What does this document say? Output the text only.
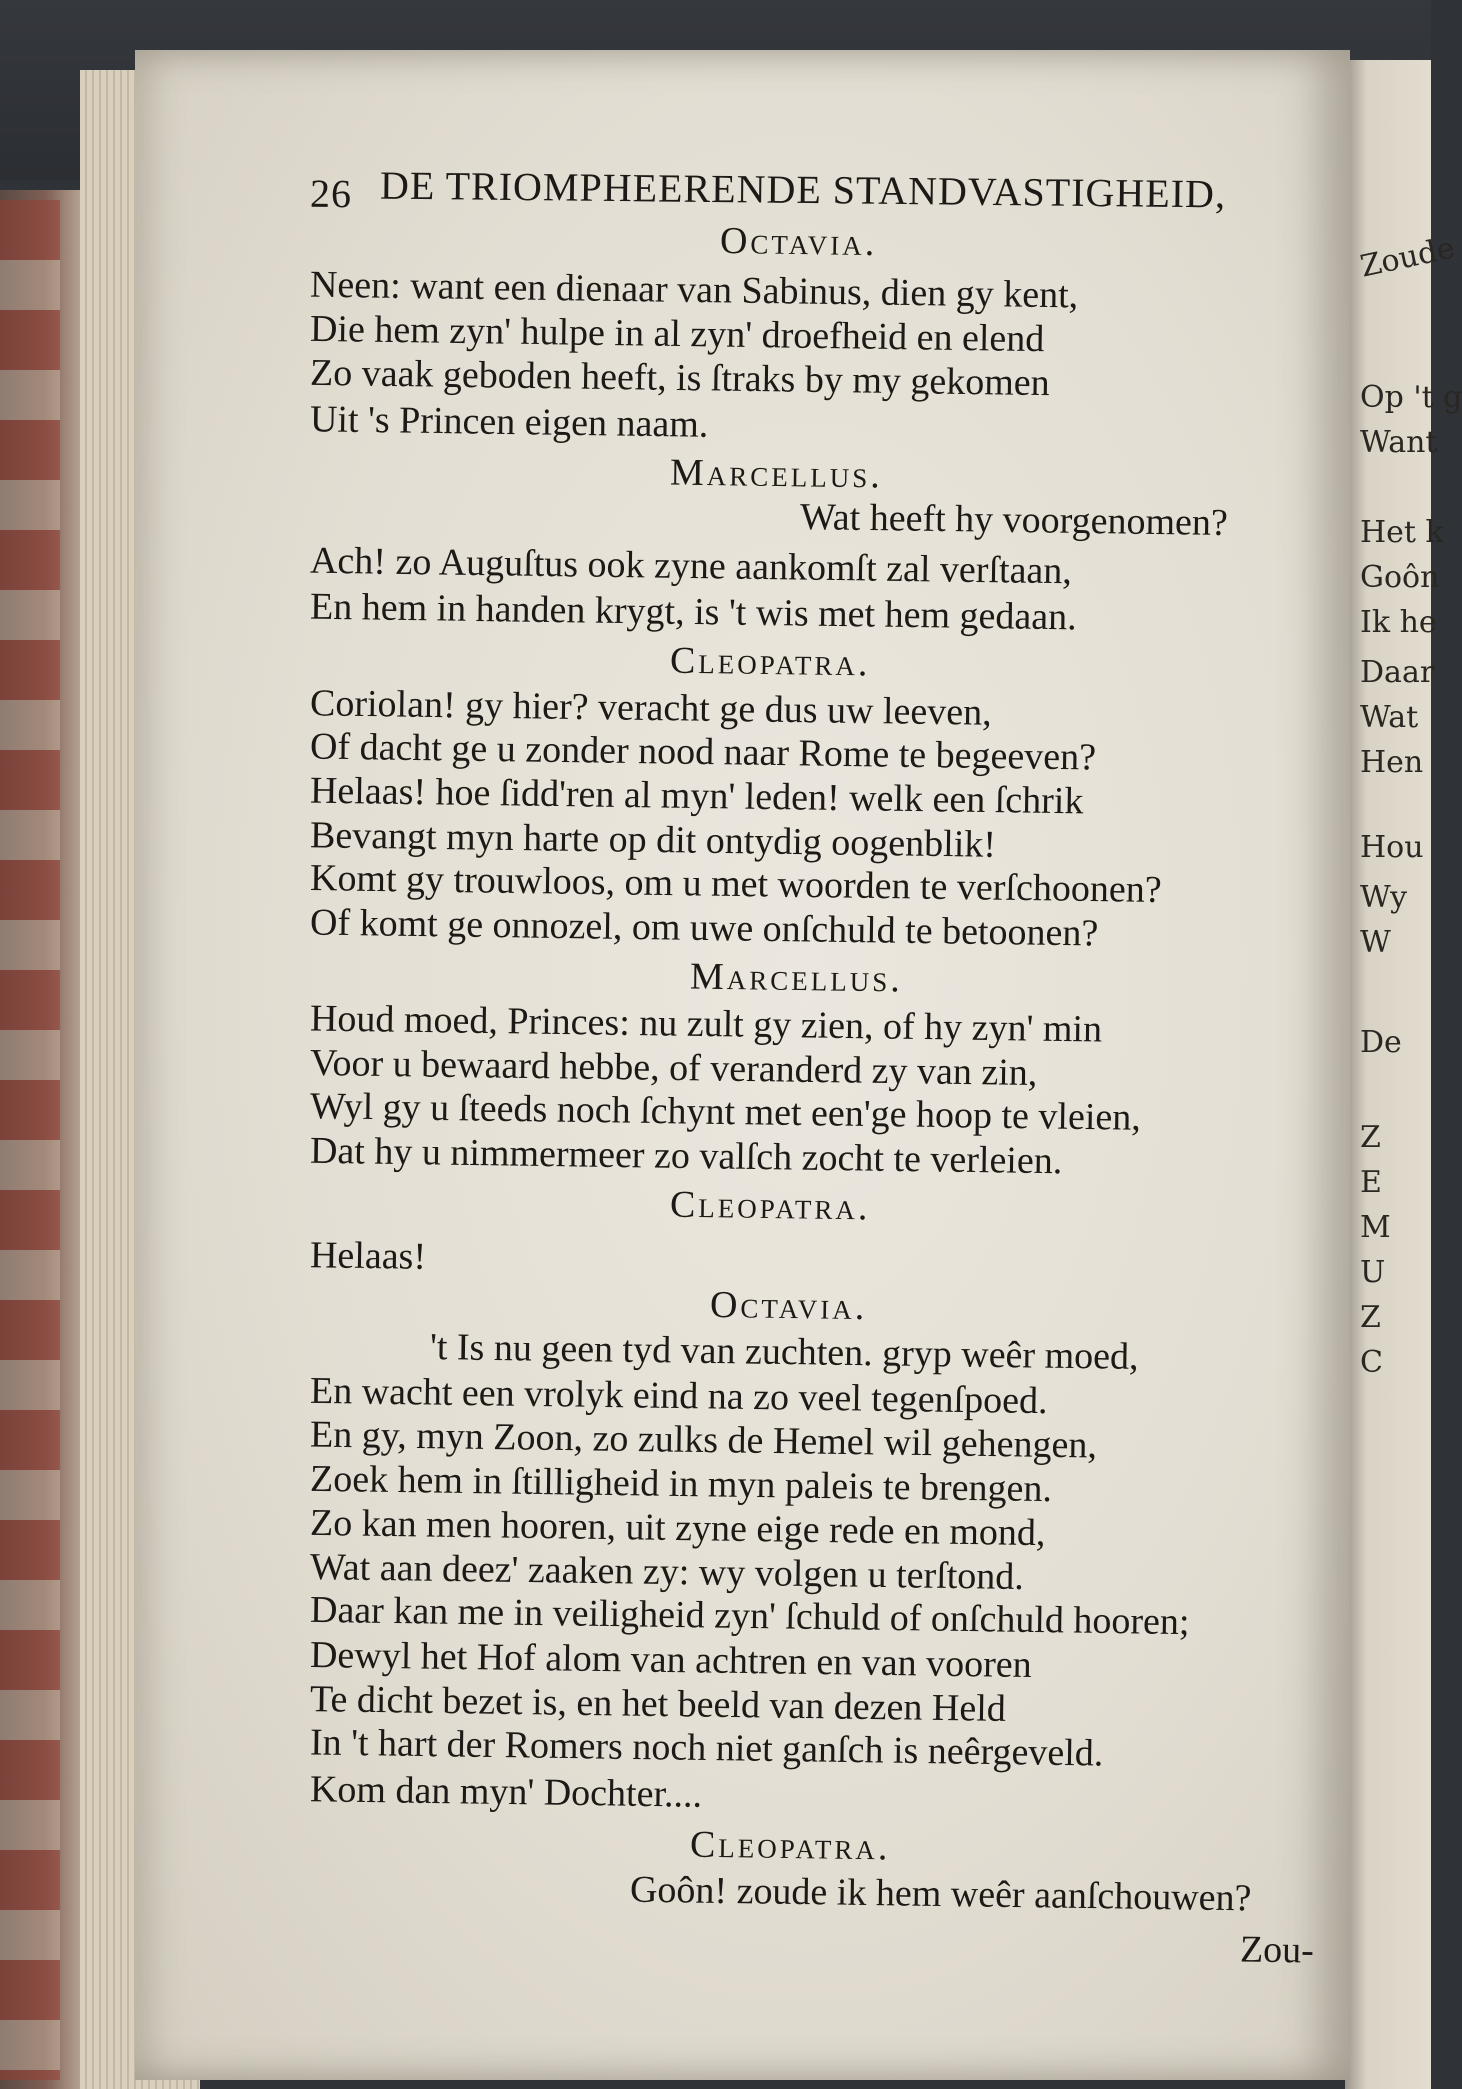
Zoude
Op 't g
Want
Het k
Goôn
Ik he
Daar
Wat
Hen
Hou
Wy
W
De
Z
E
M
U
Z
C
26 DE TRIOMPHEERENDE STANDVASTIGHEID,
Octavia.
Neen: want een dienaar van Sabinus, dien gy kent,
Die hem zyn' hulpe in al zyn' droefheid en elend
Zo vaak geboden heeft, is ſtraks by my gekomen
Uit 's Princen eigen naam.
Marcellus.
Wat heeft hy voorgenomen?
Ach! zo Auguſtus ook zyne aankomſt zal verſtaan,
En hem in handen krygt, is 't wis met hem gedaan.
Cleopatra.
Coriolan! gy hier? veracht ge dus uw leeven,
Of dacht ge u zonder nood naar Rome te begeeven?
Helaas! hoe ſidd'ren al myn' leden! welk een ſchrik
Bevangt myn harte op dit ontydig oogenblik!
Komt gy trouwloos, om u met woorden te verſchoonen?
Of komt ge onnozel, om uwe onſchuld te betoonen?
Marcellus.
Houd moed, Princes: nu zult gy zien, of hy zyn' min
Voor u bewaard hebbe, of veranderd zy van zin,
Wyl gy u ſteeds noch ſchynt met een'ge hoop te vleien,
Dat hy u nimmermeer zo valſch zocht te verleien.
Cleopatra.
Helaas!
Octavia.
't Is nu geen tyd van zuchten. gryp weêr moed,
En wacht een vrolyk eind na zo veel tegenſpoed.
En gy, myn Zoon, zo zulks de Hemel wil gehengen,
Zoek hem in ſtilligheid in myn paleis te brengen.
Zo kan men hooren, uit zyne eige rede en mond,
Wat aan deez' zaaken zy: wy volgen u terſtond.
Daar kan me in veiligheid zyn' ſchuld of onſchuld hooren;
Dewyl het Hof alom van achtren en van vooren
Te dicht bezet is, en het beeld van dezen Held
In 't hart der Romers noch niet ganſch is neêrgeveld.
Kom dan myn' Dochter....
Cleopatra.
Goôn! zoude ik hem weêr aanſchouwen?
Zou-
